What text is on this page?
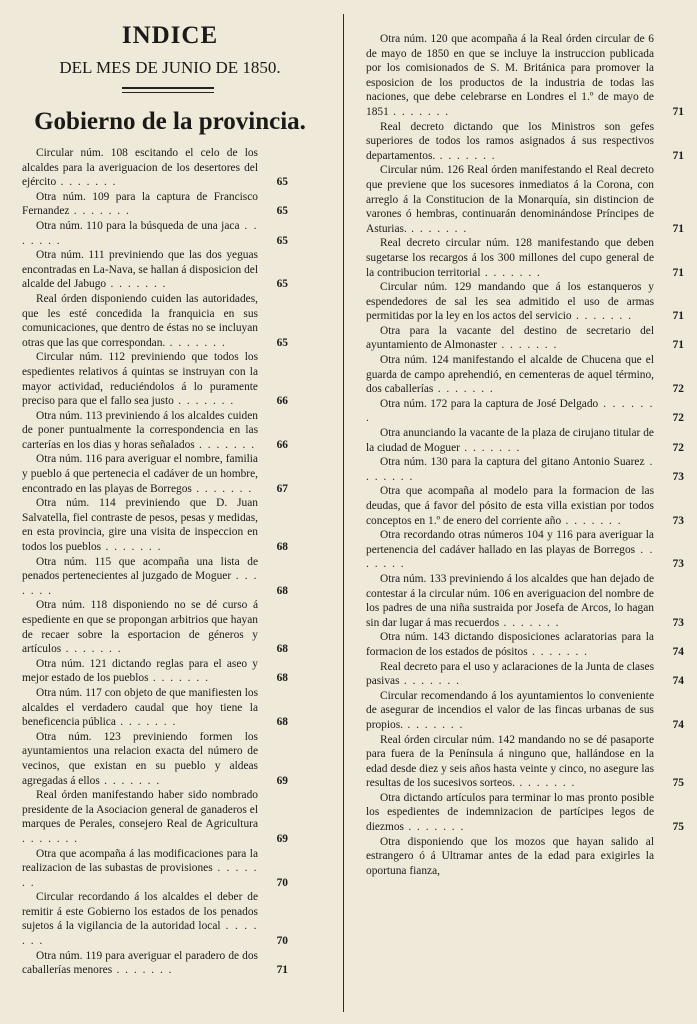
INDICE

DEL MES DE JUNIO DE 1850.

Gobierno de la provincia.

Circular núm. 108 escitando el celo de los alcaldes para la averiguacion de los desertores del ejército . . . . . . .	65

Otra núm. 109 para la captura de Francisco Fernandez . . . . . . .	65

Otra núm. 110 para la búsqueda de una jaca . . . . . . .	65

Otra núm. 111 previniendo que las dos yeguas encontradas en La-Nava, se hallan á disposicion del alcalde del Jabugo . . . . . . .	65

Real órden disponiendo cuiden las autoridades, que les esté concedida la franquicia en sus comunicaciones, que dentro de éstas no se incluyan otras que las que correspondan. . . . . . . .	65

Circular núm. 112 previniendo que todos los espedientes relativos á quintas se instruyan con la mayor actividad, reduciéndolos á lo puramente preciso para que el fallo sea justo . . . . . . .	66

Otra núm. 113 previniendo á los alcaldes cuiden de poner puntualmente la correspondencia en las carterías en los dias y horas señalados . . . . . . . 66

Otra núm. 116 para averiguar el nombre, familia y pueblo á que pertenecia el cadáver de un hombre, encontrado en las playas de Borregos . . . . . . . 67

Otra núm. 114 previniendo que D. Juan Salvatella, fiel contraste de pesos, pesas y medidas, en esta provincia, gire una visita de inspeccion en todos los pueblos . . . . . . .	68

Otra núm. 115 que acompaña una lista de penados pertenecientes al juzgado de Moguer . . . . . . .	68

Otra núm. 118 disponiendo no se dé curso á espediente en que se propongan arbitrios que hayan de recaer sobre la esportacion de géneros y artículos . . . . . . .	68

Otra núm. 121 dictando reglas para el aseo y mejor estado de los pueblos . . . . . . .	68

Otra núm. 117 con objeto de que manifiesten los alcaldes el verdadero caudal que hoy tiene la beneficencia pública . . . . . . .	68

Otra núm. 123 previniendo formen los ayuntamientos una relacion exacta del número de vecinos, que existan en su pueblo y aldeas agregadas á ellos . . . . . . .	69

Real órden manifestando haber sido nombrado presidente de la Asociacion general de ganaderos el marques de Perales, consejero Real de Agricultura . . . . . . .	69

Otra que acompaña á las modificaciones para la realizacion de las subastas de provisiones . . . . . . .	70

Circular recordando á los alcaldes el deber de remitir á este Gobierno los estados de los penados sujetos á la vigilancia de la autoridad local . . . . . . .	70

Otra núm. 119 para averiguar el paradero de dos caballerías menores . . . . . . .	71

Otra núm. 120 que acompaña á la Real órden circular de 6 de mayo de 1850 en que se incluye la instruccion publicada por los comisionados de S. M. Británica para promover la esposicion de los productos de la industria de todas las naciones, que debe celebrarse en Londres el 1.º de mayo de 1851 . . . . . . .	71

Real decreto dictando que los Ministros son gefes superiores de todos los ramos asignados á sus respectivos departamentos. . . . . . . .	71

Circular núm. 126 Real órden manifestando el Real decreto que previene que los sucesores inmediatos á la Corona, con arreglo á la Constitucion de la Monarquía, sin distincion de varones ó hembras, continuarán denominándose Príncipes de Asturias. . . . . . . .	71

Real decreto circular núm. 128 manifestando que deben sugetarse los recargos á los 300 millones del cupo general de la contribucion territorial . . . . . . .	71

Circular núm. 129 mandando que á los estanqueros y espendedores de sal les sea admitido el uso de armas permitidas por la ley en los actos del servicio . . . . . . .	71

Otra para la vacante del destino de secretario del ayuntamiento de Almonaster . . . . . . .	71

Otra núm. 124 manifestando el alcalde de Chucena que el guarda de campo aprehendió, en cementeras de aquel término, dos caballerías . . . . . . .	72

Otra núm. 172 para la captura de José Delgado . . . . . . .	72

Otra anunciando la vacante de la plaza de cirujano titular de la ciudad de Moguer . . . . . . .	72

Otra núm. 130 para la captura del gitano Antonio Suarez . . . . . . .	73

Otra que acompaña al modelo para la formacion de las deudas, que á favor del pósito de esta villa existian por todos conceptos en 1.º de enero del corriente año . . . . . . .	73

Otra recordando otras números 104 y 116 para averiguar la pertenencia del cadáver hallado en las playas de Borregos . . . . . . .	73

Otra núm. 133 previniendo á los alcaldes que han dejado de contestar á la circular núm. 106 en averiguacion del nombre de los padres de una niña sustraida por Josefa de Arcos, lo hagan sin dar lugar á mas recuerdos . . . . . . .	73

Otra núm. 143 dictando disposiciones aclaratorias para la formacion de los estados de pósitos . . . . . . .	74

Real decreto para el uso y aclaraciones de la Junta de clases pasivas . . . . . . .	74

Circular recomendando á los ayuntamientos lo conveniente de asegurar de incendios el valor de las fincas urbanas de sus propios. . . . . . . .	74

Real órden circular núm. 142 mandando no se dé pasaporte para fuera de la Península á ninguno que, hallándose en la edad desde diez y seis años hasta veinte y cinco, no asegure las resultas de los sucesivos sorteos. . . . . . . .	75

Otra dictando artículos para terminar lo mas pronto posible los espedientes de indemnizacion de partícipes legos de diezmos . . . . . . .	75

Otra disponiendo que los mozos que hayan salido al estrangero ó á Ultramar antes de la edad para exigirles la oportuna fianza,
